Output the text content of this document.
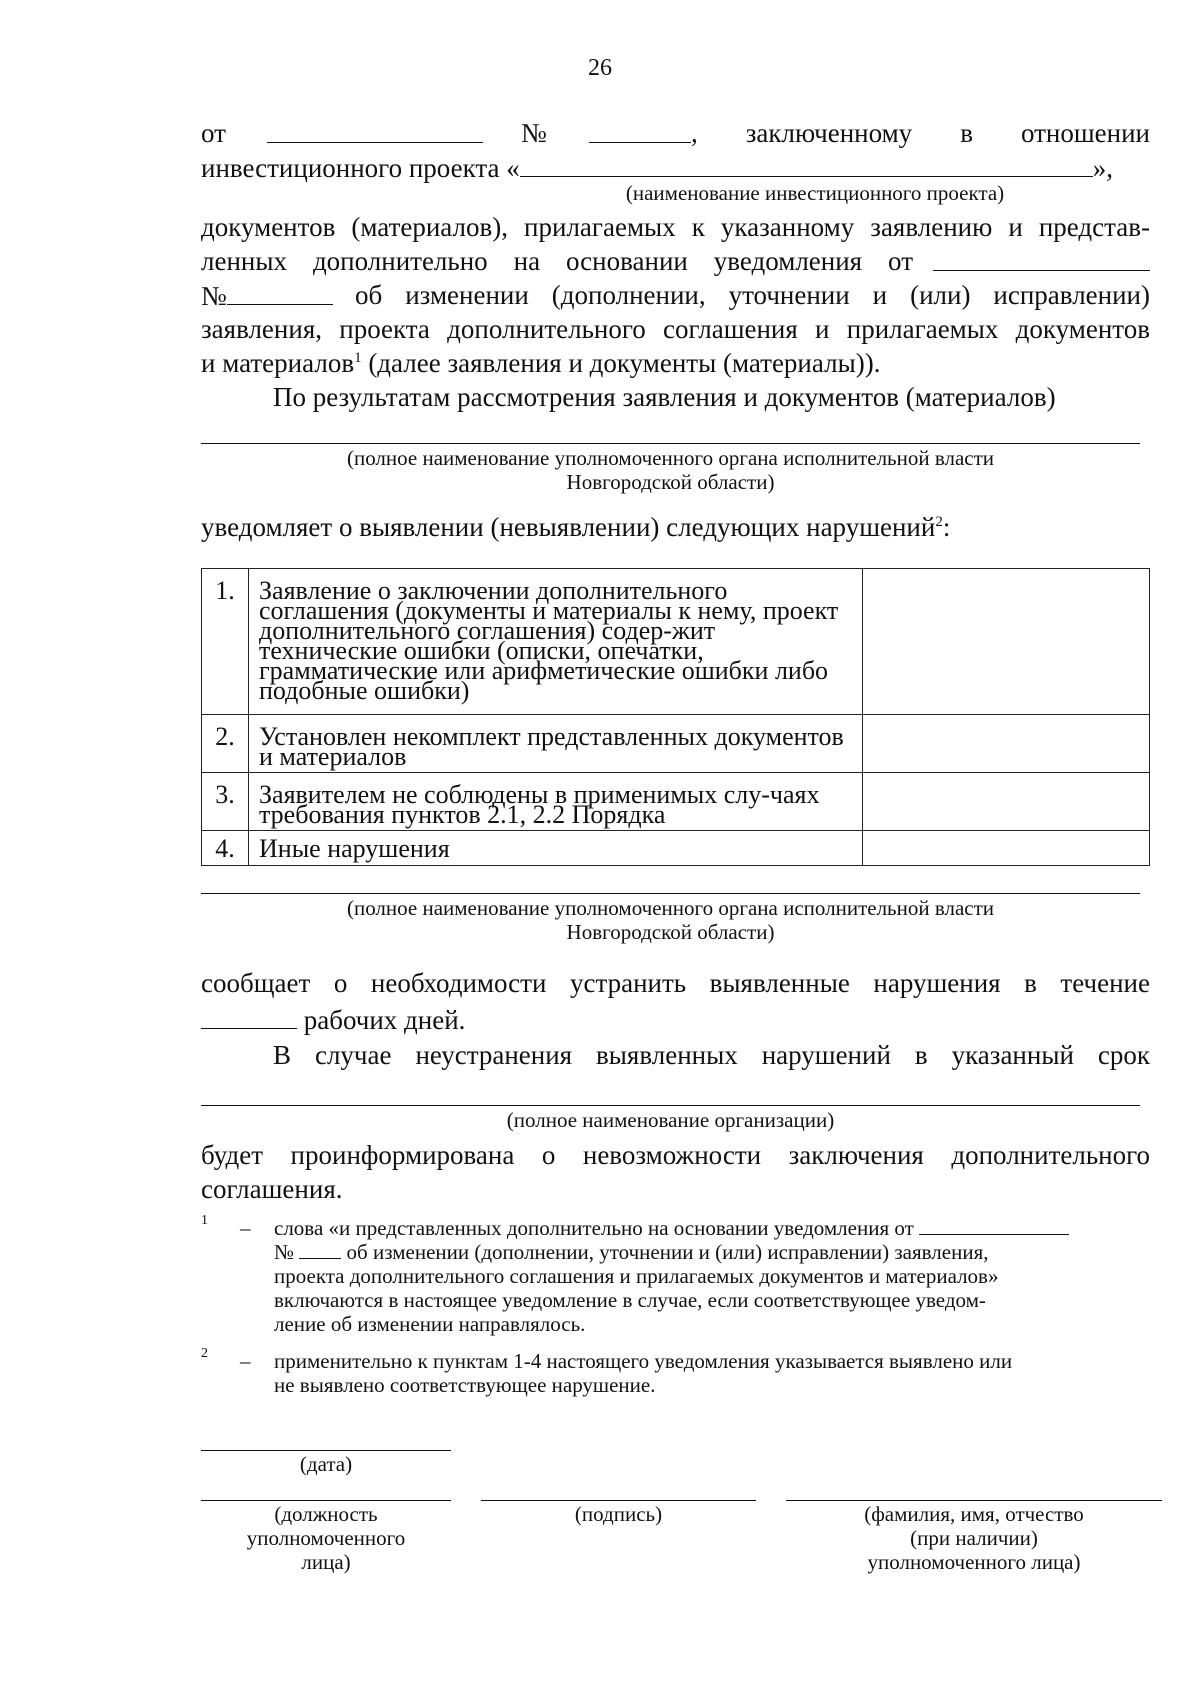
26
от	№	, заключенному в отношении
инвестиционного проекта «	»,
(наименование инвестиционного проекта)
документов (материалов), прилагаемых к указанному заявлению и представ-
ленных дополнительно на основании уведомления от
№	об изменении (дополнении, уточнении и (или) исправлении)
заявления, проекта дополнительного соглашения и прилагаемых документов
и материалов$^1$ (далее заявления и документы (материалы)).
По результатам рассмотрения заявления и документов (материалов)
(полное наименование уполномоченного органа исполнительной власти
Новгородской области)
уведомляет о выявлении (невыявлении) следующих нарушений$^2$:
1.	Заявление о заключении дополнительного соглашения (документы и материалы к нему, проект дополнительного соглашения) содер-жит технические ошибки (описки, опечатки, грамматические или арифметические ошибки либо подобные ошибки)	
2.	Установлен некомплект представленных документов и материалов	
3.	Заявителем не соблюдены в применимых слу-чаях требования пунктов 2.1, 2.2 Порядка	
4.	Иные нарушения	
(полное наименование уполномоченного органа исполнительной власти
Новгородской области)
сообщает о необходимости устранить выявленные нарушения в течение
рабочих дней.
В случае неустранения выявленных нарушений в указанный срок
(полное наименование организации)
будет проинформирована о невозможности заключения дополнительного
соглашения.
1 – слова «и представленных дополнительно на основании уведомления от
№	об изменении (дополнении, уточнении и (или) исправлении) заявления,
проекта дополнительного соглашения и прилагаемых документов и материалов»
включаются в настоящее уведомление в случае, если соответствующее уведом-
ление об изменении направлялось.
2 – применительно к пунктам 1-4 настоящего уведомления указывается выявлено или
не выявлено соответствующее нарушение.
(дата)
(должность
уполномоченного
лица)
(подпись)	(фамилия, имя, отчество
(при наличии)
уполномоченного лица)
